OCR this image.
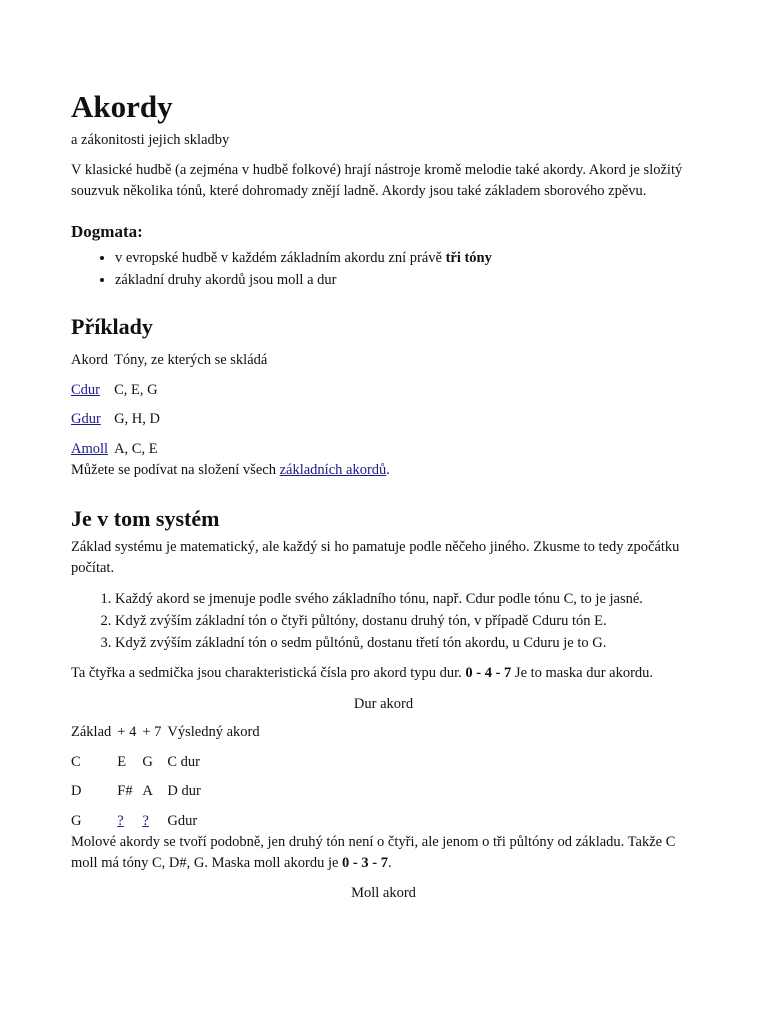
Akordy

a zákonitosti jejich skladby

V klasické hudbě (a zejména v hudbě folkové) hrají nástroje kromě melodie také akordy. Akord je složitý souzvuk několika tónů, které dohromady znějí ladně. Akordy jsou také základem sborového zpěvu.

Dogmata:
• v evropské hudbě v každém základním akordu zní právě tři tóny
• základní druhy akordů jsou moll a dur
Příklady
Akord	Tóny, ze kterých se skládá
Cdur	C, E, G
Gdur	G, H, D
Amoll	A, C, E

Můžete se podívat na složení všech základních akordů.

Je v tom systém

Základ systému je matematický, ale každý si ho pamatuje podle něčeho jiného. Zkusme to tedy zpočátku počítat.

1. Každý akord se jmenuje podle svého základního tónu, např. Cdur podle tónu C, to je jasné.
2. Když zvýším základní tón o čtyři půltóny, dostanu druhý tón, v případě Cduru tón E.
3. Když zvýším základní tón o sedm půltónů, dostanu třetí tón akordu, u Cduru je to G.

Ta čtyřka a sedmička jsou charakteristická čísla pro akord typu dur. 0 - 4 - 7 Je to maska dur akordu.

Dur akord
Základ	+ 4	+ 7	Výsledný akord
C	E	G	C dur
D	F#	A	D dur
G	?	?	Gdur

Molové akordy se tvoří podobně, jen druhý tón není o čtyři, ale jenom o tři půltóny od základu. Takže C moll má tóny C, D#, G. Maska moll akordu je 0 - 3 - 7.

Moll akord
